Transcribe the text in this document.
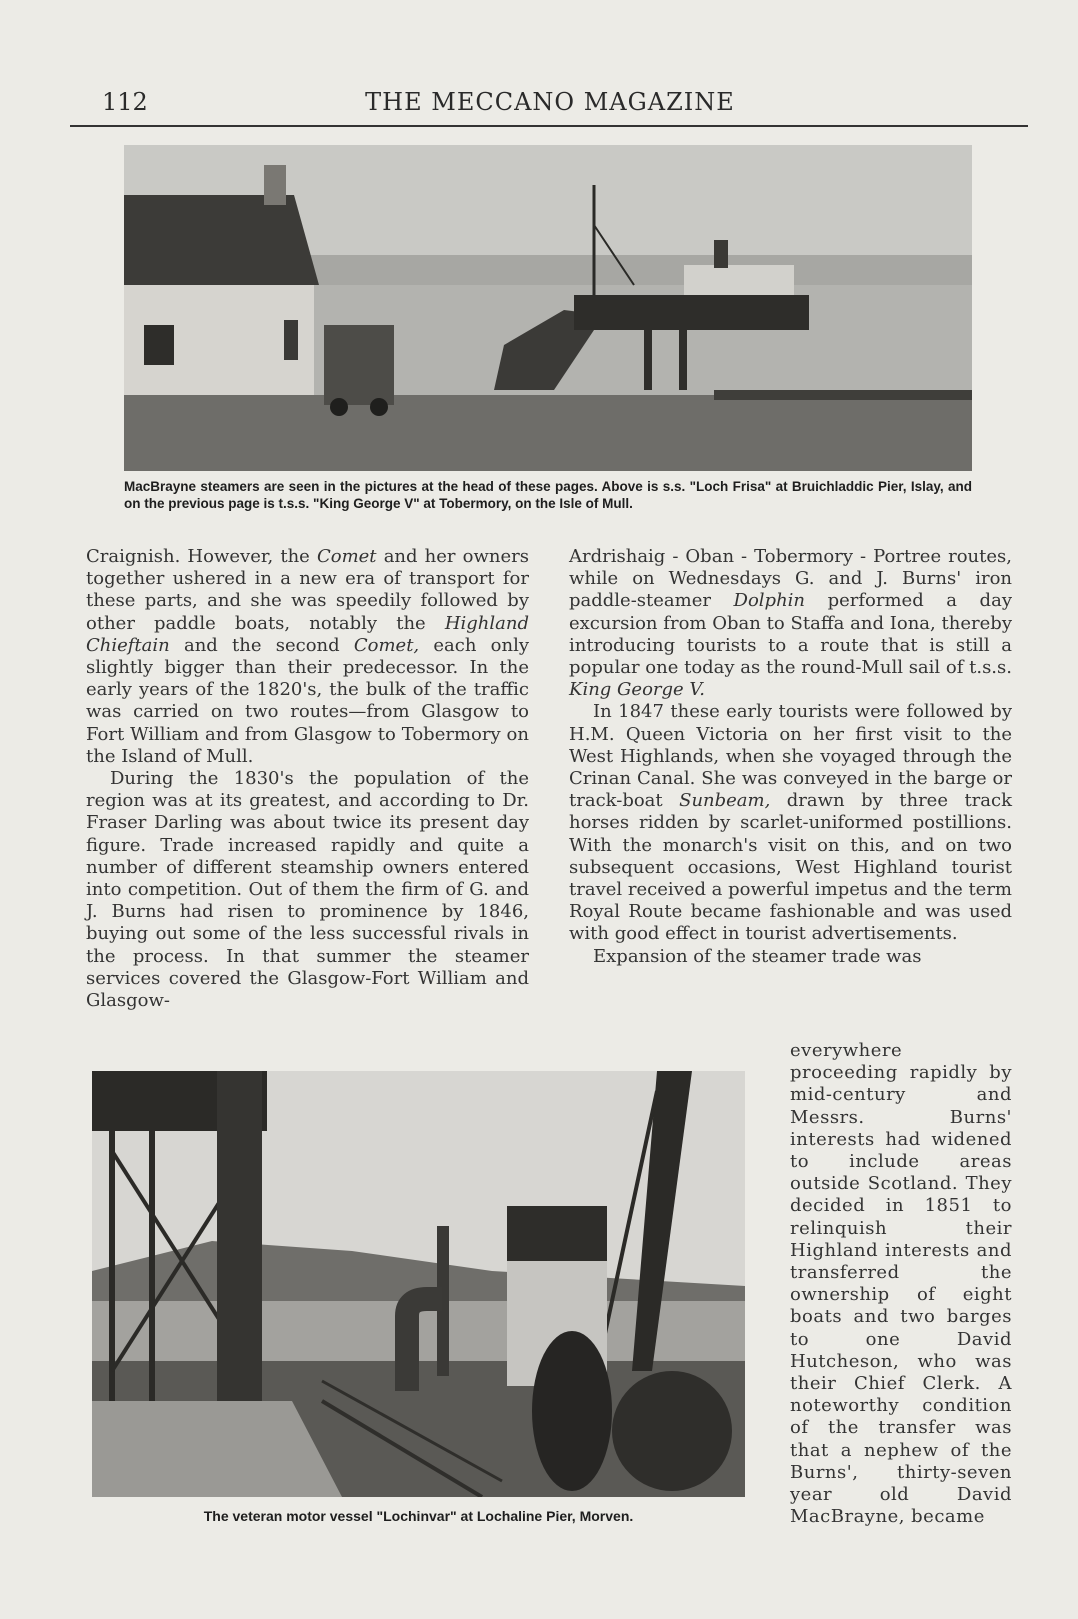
112	THE MECCANO MAGAZINE
MacBrayne steamers are seen in the pictures at the head of these pages. Above is s.s. "Loch Frisa" at Bruichladdic Pier, Islay, and on the previous page is t.s.s. "King George V" at Tobermory, on the Isle of Mull.

Craignish. However, the Comet and her owners together ushered in a new era of transport for these parts, and she was speedily followed by other paddle boats, notably the Highland Chieftain and the second Comet, each only slightly bigger than their predecessor. In the early years of the 1820's, the bulk of the traffic was carried on two routes—from Glasgow to Fort William and from Glasgow to Tobermory on the Island of Mull.

During the 1830's the population of the region was at its greatest, and according to Dr. Fraser Darling was about twice its present day figure. Trade increased rapidly and quite a number of different steamship owners entered into competition. Out of them the firm of G. and J. Burns had risen to prominence by 1846, buying out some of the less successful rivals in the process. In that summer the steamer services covered the Glasgow-Fort William and Glasgow-

Ardrishaig - Oban - Tobermory - Portree routes, while on Wednesdays G. and J. Burns' iron paddle-steamer Dolphin performed a day excursion from Oban to Staffa and Iona, thereby introducing tourists to a route that is still a popular one today as the round-Mull sail of t.s.s. King George V.

In 1847 these early tourists were followed by H.M. Queen Victoria on her first visit to the West Highlands, when she voyaged through the Crinan Canal. She was conveyed in the barge or track-boat Sunbeam, drawn by three track horses ridden by scarlet-uniformed postillions. With the monarch's visit on this, and on two subsequent occasions, West Highland tourist travel received a powerful impetus and the term Royal Route became fashionable and was used with good effect in tourist advertisements.

Expansion of the steamer trade was

The veteran motor vessel "Lochinvar" at Lochaline Pier, Morven.

everywhere proceeding rapidly by mid-century and Messrs. Burns' interests had widened to include areas outside Scotland. They decided in 1851 to relinquish their Highland interests and transferred the ownership of eight boats and two barges to one David Hutcheson, who was their Chief Clerk. A noteworthy condition of the transfer was that a nephew of the Burns', thirty-seven year old David MacBrayne, became
